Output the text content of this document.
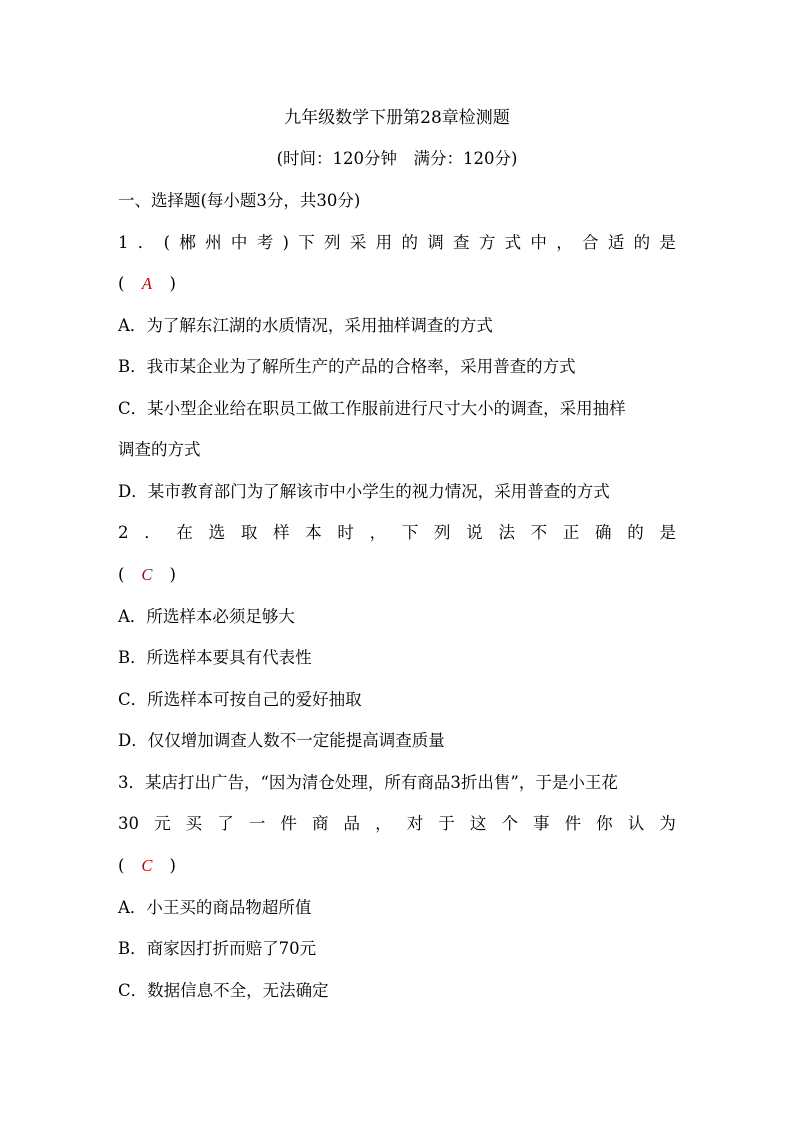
九年级数学下册第28章检测题
(时间：120分钟　满分：120分)
一、选择题(每小题3分，共30分)
1 ． ( 郴 州 中 考 ) 下 列 采 用 的 调 查 方 式 中 ， 合 适 的 是
( A )
A．为了解东江湖的水质情况，采用抽样调查的方式
B．我市某企业为了解所生产的产品的合格率，采用普查的方式
C．某小型企业给在职员工做工作服前进行尺寸大小的调查，采用抽样
调查的方式
D．某市教育部门为了解该市中小学生的视力情况，采用普查的方式
2 ． 在 选 取 样 本 时 ， 下 列 说 法 不 正 确 的 是
( C )
A．所选样本必须足够大
B．所选样本要具有代表性
C．所选样本可按自己的爱好抽取
D．仅仅增加调查人数不一定能提高调查质量
3．某店打出广告，“因为清仓处理，所有商品3折出售”，于是小王花
30 元 买 了 一 件 商 品 ， 对 于 这 个 事 件 你 认 为
( C )
A．小王买的商品物超所值
B．商家因打折而赔了70元
C．数据信息不全，无法确定
